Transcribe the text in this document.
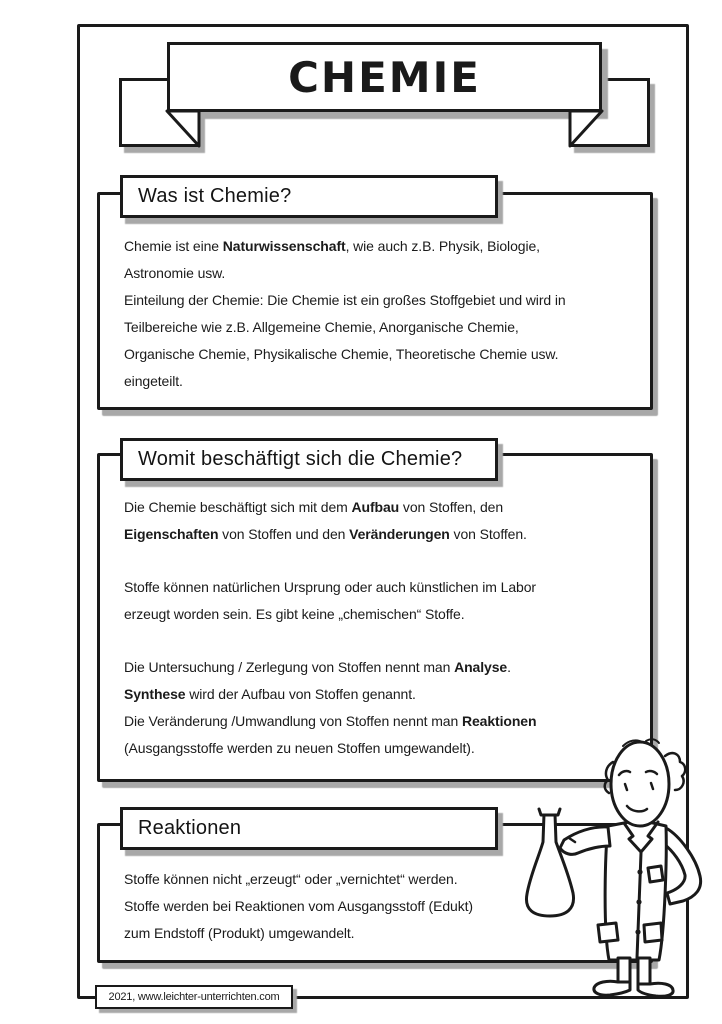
CHEMIE
Chemie ist eine Naturwissenschaft, wie auch z.B. Physik, Biologie,
Astronomie usw.
Einteilung der Chemie: Die Chemie ist ein großes Stoffgebiet und wird in
Teilbereiche wie z.B. Allgemeine Chemie, Anorganische Chemie,
Organische Chemie, Physikalische Chemie, Theoretische Chemie usw.
eingeteilt.
Was ist Chemie?
Die Chemie beschäftigt sich mit dem Aufbau von Stoffen, den
Eigenschaften von Stoffen und den Veränderungen von Stoffen.
Stoffe können natürlichen Ursprung oder auch künstlichen im Labor
erzeugt worden sein. Es gibt keine „chemischen“ Stoffe.
Die Untersuchung / Zerlegung von Stoffen nennt man Analyse.
Synthese wird der Aufbau von Stoffen genannt.
Die Veränderung /Umwandlung von Stoffen nennt man Reaktionen
(Ausgangsstoffe werden zu neuen Stoffen umgewandelt).
Womit beschäftigt sich die Chemie?
Stoffe können nicht „erzeugt“ oder „vernichtet“ werden.
Stoffe werden bei Reaktionen vom Ausgangsstoff (Edukt)
zum Endstoff (Produkt) umgewandelt.
Reaktionen
2021, www.leichter-unterrichten.com
